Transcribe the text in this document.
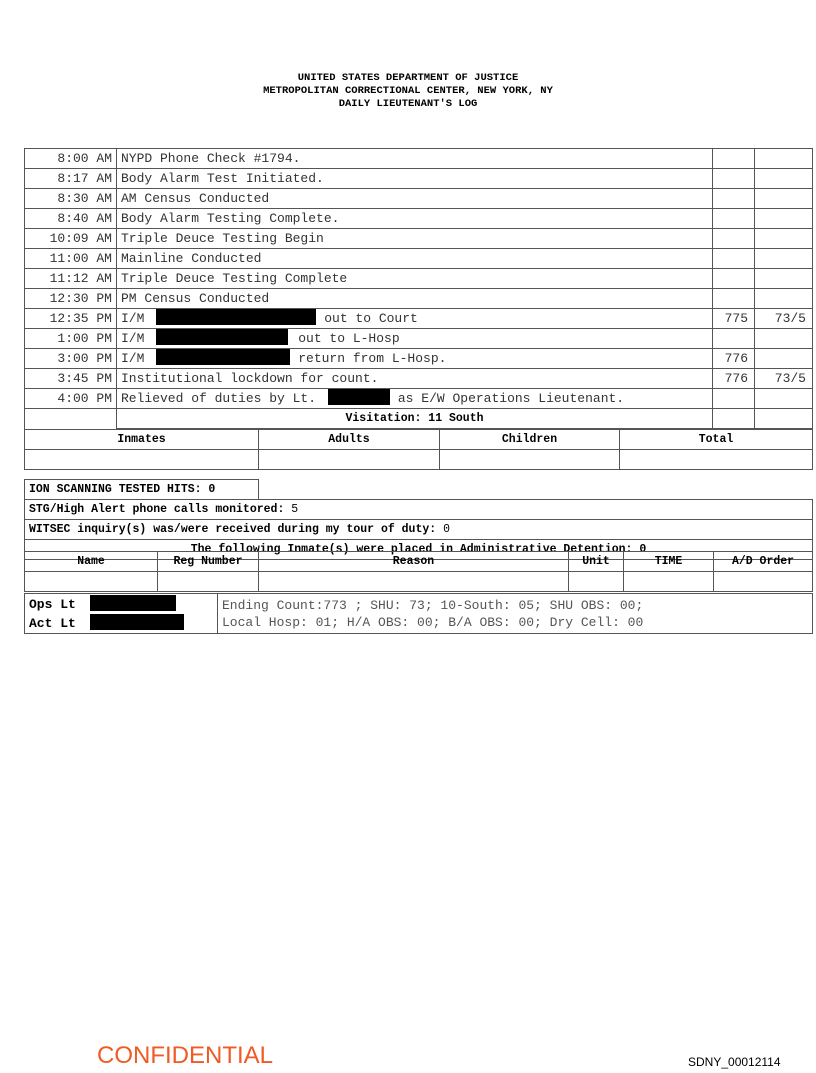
UNITED STATES DEPARTMENT OF JUSTICE
METROPOLITAN CORRECTIONAL CENTER, NEW YORK, NY
DAILY LIEUTENANT'S LOG
8:00 AM	NYPD Phone Check #1794.		
8:17 AM	Body Alarm Test Initiated.		
8:30 AM	AM Census Conducted		
8:40 AM	Body Alarm Testing Complete.		
10:09 AM	Triple Deuce Testing Begin		
11:00 AM	Mainline Conducted		
11:12 AM	Triple Deuce Testing Complete		
12:30 PM	PM Census Conducted		
12:35 PM	I/M out to Court	775	73/5
1:00 PM	I/M out to L-Hosp		
3:00 PM	I/M return from L-Hosp.	776	
3:45 PM	Institutional lockdown for count.	776	73/5
4:00 PM	Relieved of duties by Lt. as E/W Operations Lieutenant.		
	Visitation: 11 South		
Inmates	Adults	Children	Total

ION SCANNING TESTED HITS: 0	
STG/High Alert phone calls monitored: 5
WITSEC inquiry(s) was/were received during my tour of duty: 0
The following Inmate(s) were placed in Administrative Detention: 0
Name	Reg Number	Reason	Unit	TIME	A/D Order

Ops Lt
Act Lt

Ending Count:773 ; SHU: 73; 10-South: 05; SHU OBS: 00;
Local Hosp: 01; H/A OBS: 00; B/A OBS: 00; Dry Cell: 00
CONFIDENTIAL	SDNY_00012114
